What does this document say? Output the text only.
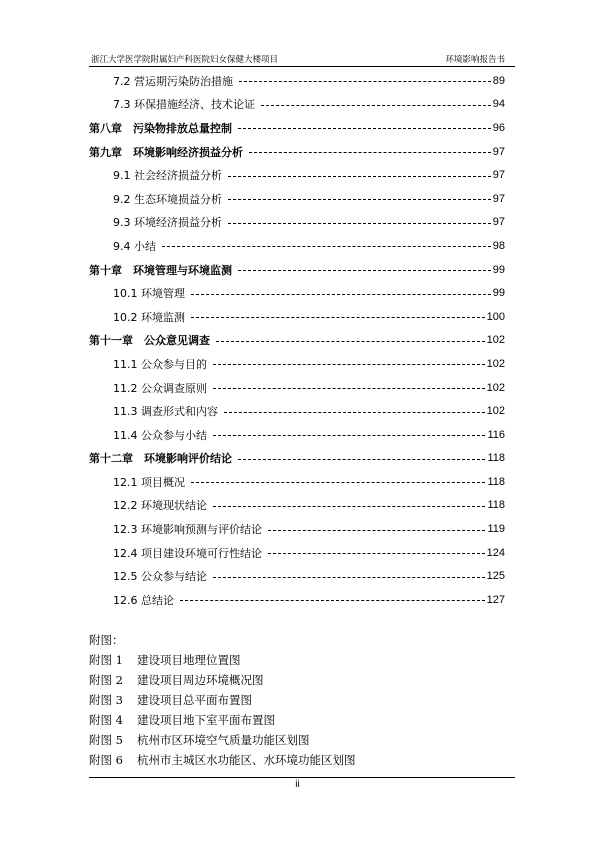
浙江大学医学院附属妇产科医院妇女保健大楼项目	环境影响报告书
7.2 营运期污染防治措施	89
7.3 环保措施经济、技术论证	94
第八章　污染物排放总量控制	96
第九章　环境影响经济损益分析	97
9.1 社会经济损益分析	97
9.2 生态环境损益分析	97
9.3 环境经济损益分析	97
9.4 小结	98
第十章　环境管理与环境监测	99
10.1 环境管理	99
10.2 环境监测	100
第十一章　公众意见调查	102
11.1 公众参与目的	102
11.2 公众调查原则	102
11.3 调查形式和内容	102
11.4 公众参与小结	116
第十二章　环境影响评价结论	118
12.1 项目概况	118
12.2 环境现状结论	118
12.3 环境影响预测与评价结论	119
12.4 项目建设环境可行性结论	124
12.5 公众参与结论	125
12.6 总结论	127
附图：
附图 1	建设项目地理位置图
附图 2	建设项目周边环境概况图
附图 3	建设项目总平面布置图
附图 4	建设项目地下室平面布置图
附图 5	杭州市区环境空气质量功能区划图
附图 6	杭州市主城区水功能区、水环境功能区划图
ii
